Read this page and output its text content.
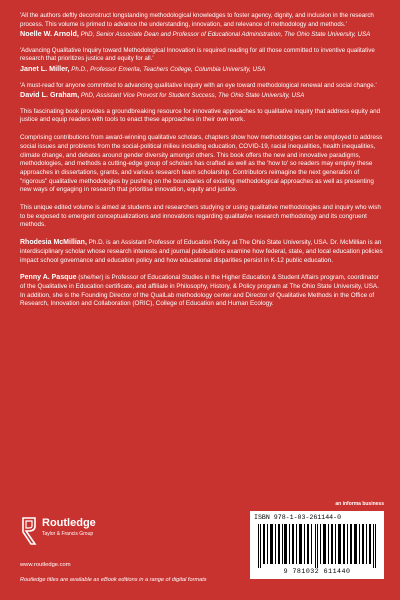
'All the authors deftly deconstruct longstanding methodological knowledges to foster agency, dignity, and inclusion in the research process. This volume is primed to advance the understanding, innovation, and relevance of methodology and methods.'
Noelle W. Arnold, PhD, Senior Associate Dean and Professor of Educational Administration, The Ohio State University, USA
'Advancing Qualitative Inquiry toward Methodological Innovation is required reading for all those committed to inventive qualitative research that prioritizes justice and equity for all.'
Janet L. Miller, Ph.D., Professor Emerita, Teachers College, Columbia University, USA
'A must-read for anyone committed to advancing qualitative inquiry with an eye toward methodological renewal and social change.'
David L. Graham, PhD, Assistant Vice Provost for Student Success, The Ohio State University, USA

This fascinating book provides a groundbreaking resource for innovative approaches to qualitative inquiry that address equity and justice and equip readers with tools to enact these approaches in their own work.

Comprising contributions from award-winning qualitative scholars, chapters show how methodologies can be employed to address social issues and problems from the social-political milieu including education, COVID-19, racial inequalities, health inequalities, climate change, and debates around gender diversity amongst others. This book offers the new and innovative paradigms, methodologies, and methods a cutting-edge group of scholars has crafted as well as the 'how to' so readers may employ these approaches in dissertations, grants, and various research team scholarship. Contributors reimagine the next generation of "rigorous" qualitative methodologies by pushing on the boundaries of existing methodological approaches as well as presenting new ways of engaging in research that prioritise innovation, equity and justice.

This unique edited volume is aimed at students and researchers studying or using qualitative methodologies and inquiry who wish to be exposed to emergent conceptualizations and innovations regarding qualitative research methodology and its congruent methods.

Rhodesia McMillian, Ph.D. is an Assistant Professor of Education Policy at The Ohio State University, USA. Dr. McMillian is an interdisciplinary scholar whose research interests and journal publications examine how federal, state, and local education policies impact school governance and education policy and how educational disparities persist in K-12 public education.

Penny A. Pasque (she/her) is Professor of Educational Studies in the Higher Education & Student Affairs program, coordinator of the Qualitative in Education certificate, and affiliate in Philosophy, History, & Policy program at The Ohio State University, USA. In addition, she is the Founding Director of the QualLab methodology center and Director of Qualitative Methods in the Office of Research, Innovation and Collaboration (ORIC), College of Education and Human Ecology.

Routledge
Taylor & Francis Group
www.routledge.com
Routledge titles are available as eBook editions in a range of digital formats
an informa business
ISBN 978-1-03-261144-0
9 781032 611440
